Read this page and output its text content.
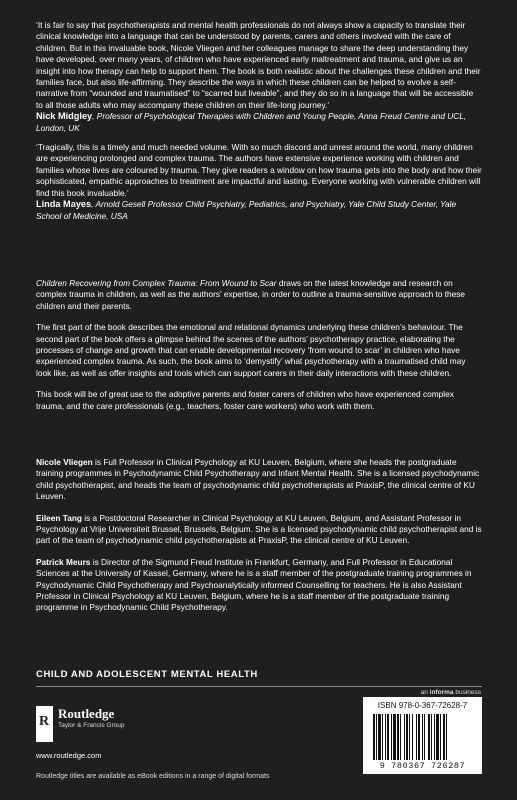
‘It is fair to say that psychotherapists and mental health professionals do not always show a capacity to translate their clinical knowledge into a language that can be understood by parents, carers and others involved with the care of children. But in this invaluable book, Nicole Vliegen and her colleagues manage to share the deep understanding they have developed, over many years, of children who have experienced early maltreatment and trauma, and give us an insight into how therapy can help to support them. The book is both realistic about the challenges these children and their families face, but also life-affirming. They describe the ways in which these children can be helped to evolve a self-narrative from “wounded and traumatised” to “scarred but liveable”, and they do so in a language that will be accessible to all those adults who may accompany these children on their life-long journey.’
Nick Midgley, Professor of Psychological Therapies with Children and Young People, Anna Freud Centre and UCL, London, UK
‘Tragically, this is a timely and much needed volume. With so much discord and unrest around the world, many children are experiencing prolonged and complex trauma. The authors have extensive experience working with children and families whose lives are coloured by trauma. They give readers a window on how trauma gets into the body and how their sophisticated, empathic approaches to treatment are impactful and lasting. Everyone working with vulnerable children will find this book invaluable.’
Linda Mayes, Arnold Gesell Professor Child Psychiatry, Pediatrics, and Psychiatry, Yale Child Study Center, Yale School of Medicine, USA

Children Recovering from Complex Trauma: From Wound to Scar draws on the latest knowledge and research on complex trauma in children, as well as the authors’ expertise, in order to outline a trauma-sensitive approach to these children and their parents.

The first part of the book describes the emotional and relational dynamics underlying these children’s behaviour. The second part of the book offers a glimpse behind the scenes of the authors’ psychotherapy practice, elaborating the processes of change and growth that can enable developmental recovery ‘from wound to scar’ in children who have experienced complex trauma. As such, the book aims to ‘demystify’ what psychotherapy with a traumatised child may look like, as well as offer insights and tools which can support carers in their daily interactions with these children.

This book will be of great use to the adoptive parents and foster carers of children who have experienced complex trauma, and the care professionals (e.g., teachers, foster care workers) who work with them.

Nicole Vliegen is Full Professor in Clinical Psychology at KU Leuven, Belgium, where she heads the postgraduate training programmes in Psychodynamic Child Psychotherapy and Infant Mental Health. She is a licensed psychodynamic child psychotherapist, and heads the team of psychodynamic child psychotherapists at PraxisP, the clinical centre of KU Leuven.

Eileen Tang is a Postdoctoral Researcher in Clinical Psychology at KU Leuven, Belgium, and Assistant Professor in Psychology at Vrije Universiteit Brussel, Brussels, Belgium. She is a licensed psychodynamic child psychotherapist and is part of the team of psychodynamic child psychotherapists at PraxisP, the clinical centre of KU Leuven.

Patrick Meurs is Director of the Sigmund Freud Institute in Frankfurt, Germany, and Full Professor in Educational Sciences at the University of Kassel, Germany, where he is a staff member of the postgraduate training programmes in Psychodynamic Child Psychotherapy and Psychoanalytically informed Counselling for teachers. He is also Assistant Professor in Clinical Psychology at KU Leuven, Belgium, where he is a staff member of the postgraduate training programme in Psychodynamic Child Psychotherapy.

CHILD AND ADOLESCENT MENTAL HEALTH
an informa business
R
Routledge
Taylor & Francis Group
www.routledge.com
Routledge titles are available as eBook editions in a range of digital formats
ISBN 978-0-367-72628-7
9 780367 726287
